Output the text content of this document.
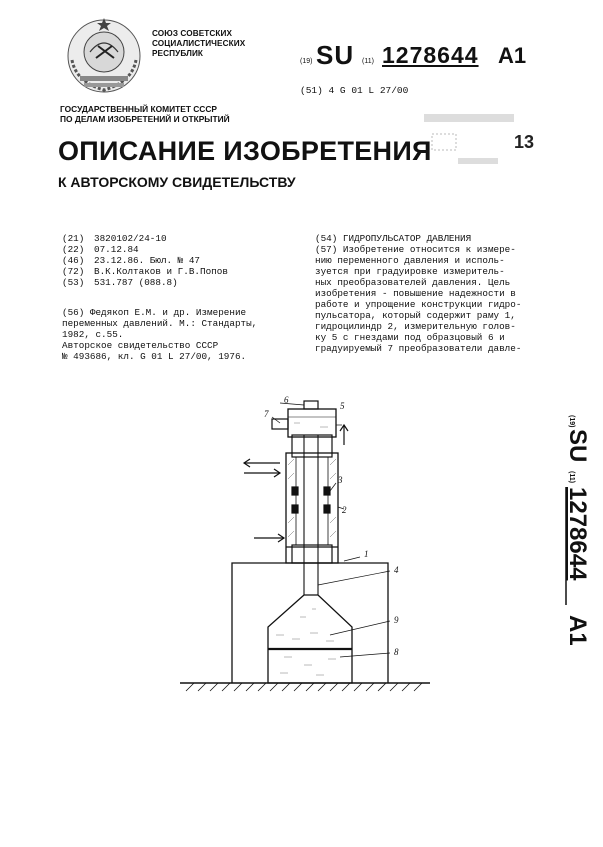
СОЮЗ СОВЕТСКИХ
СОЦИАЛИСТИЧЕСКИХ
РЕСПУБЛИК
(19) SU (11) 1278644 A1
(51) 4 G 01 L 27/00
ГОСУДАРСТВЕННЫЙ КОМИТЕТ СССР
ПО ДЕЛАМ ИЗОБРЕТЕНИЙ И ОТКРЫТИЙ
13
ОПИСАНИЕ ИЗОБРЕТЕНИЯ
К АВТОРСКОМУ СВИДЕТЕЛЬСТВУ
(21) 3820102/24-10
(22) 07.12.84
(46) 23.12.86. Бюл. № 47
(72) В.К.Колтаков и Г.В.Попов
(53) 531.787 (088.8)
(56) Федякоп Е.М. и др. Измерение
переменных давлений. М.: Стандарты,
1982, с.55.
Авторское свидетельство СССР
№ 493686, кл. G 01 L 27/00, 1976.
(54) ГИДРОПУЛЬСАТОР ДАВЛЕНИЯ
(57) Изобретение относится к измере-
нию переменного давления и исполь-
зуется при градуировке измеритель-
ных преобразователей давления. Цель
изобретения - повышение надежности в
работе и упрощение конструкции гидро-
пульсатора, который содержит раму 1,
гидроцилиндр 2, измерительную голов-
ку 5 с гнездами под образцовый 6 и
градуируемый 7 преобразователи давле-
(19)
SU
(11)
1278644
A1
6
7
5
3
2
1
4
9
8
